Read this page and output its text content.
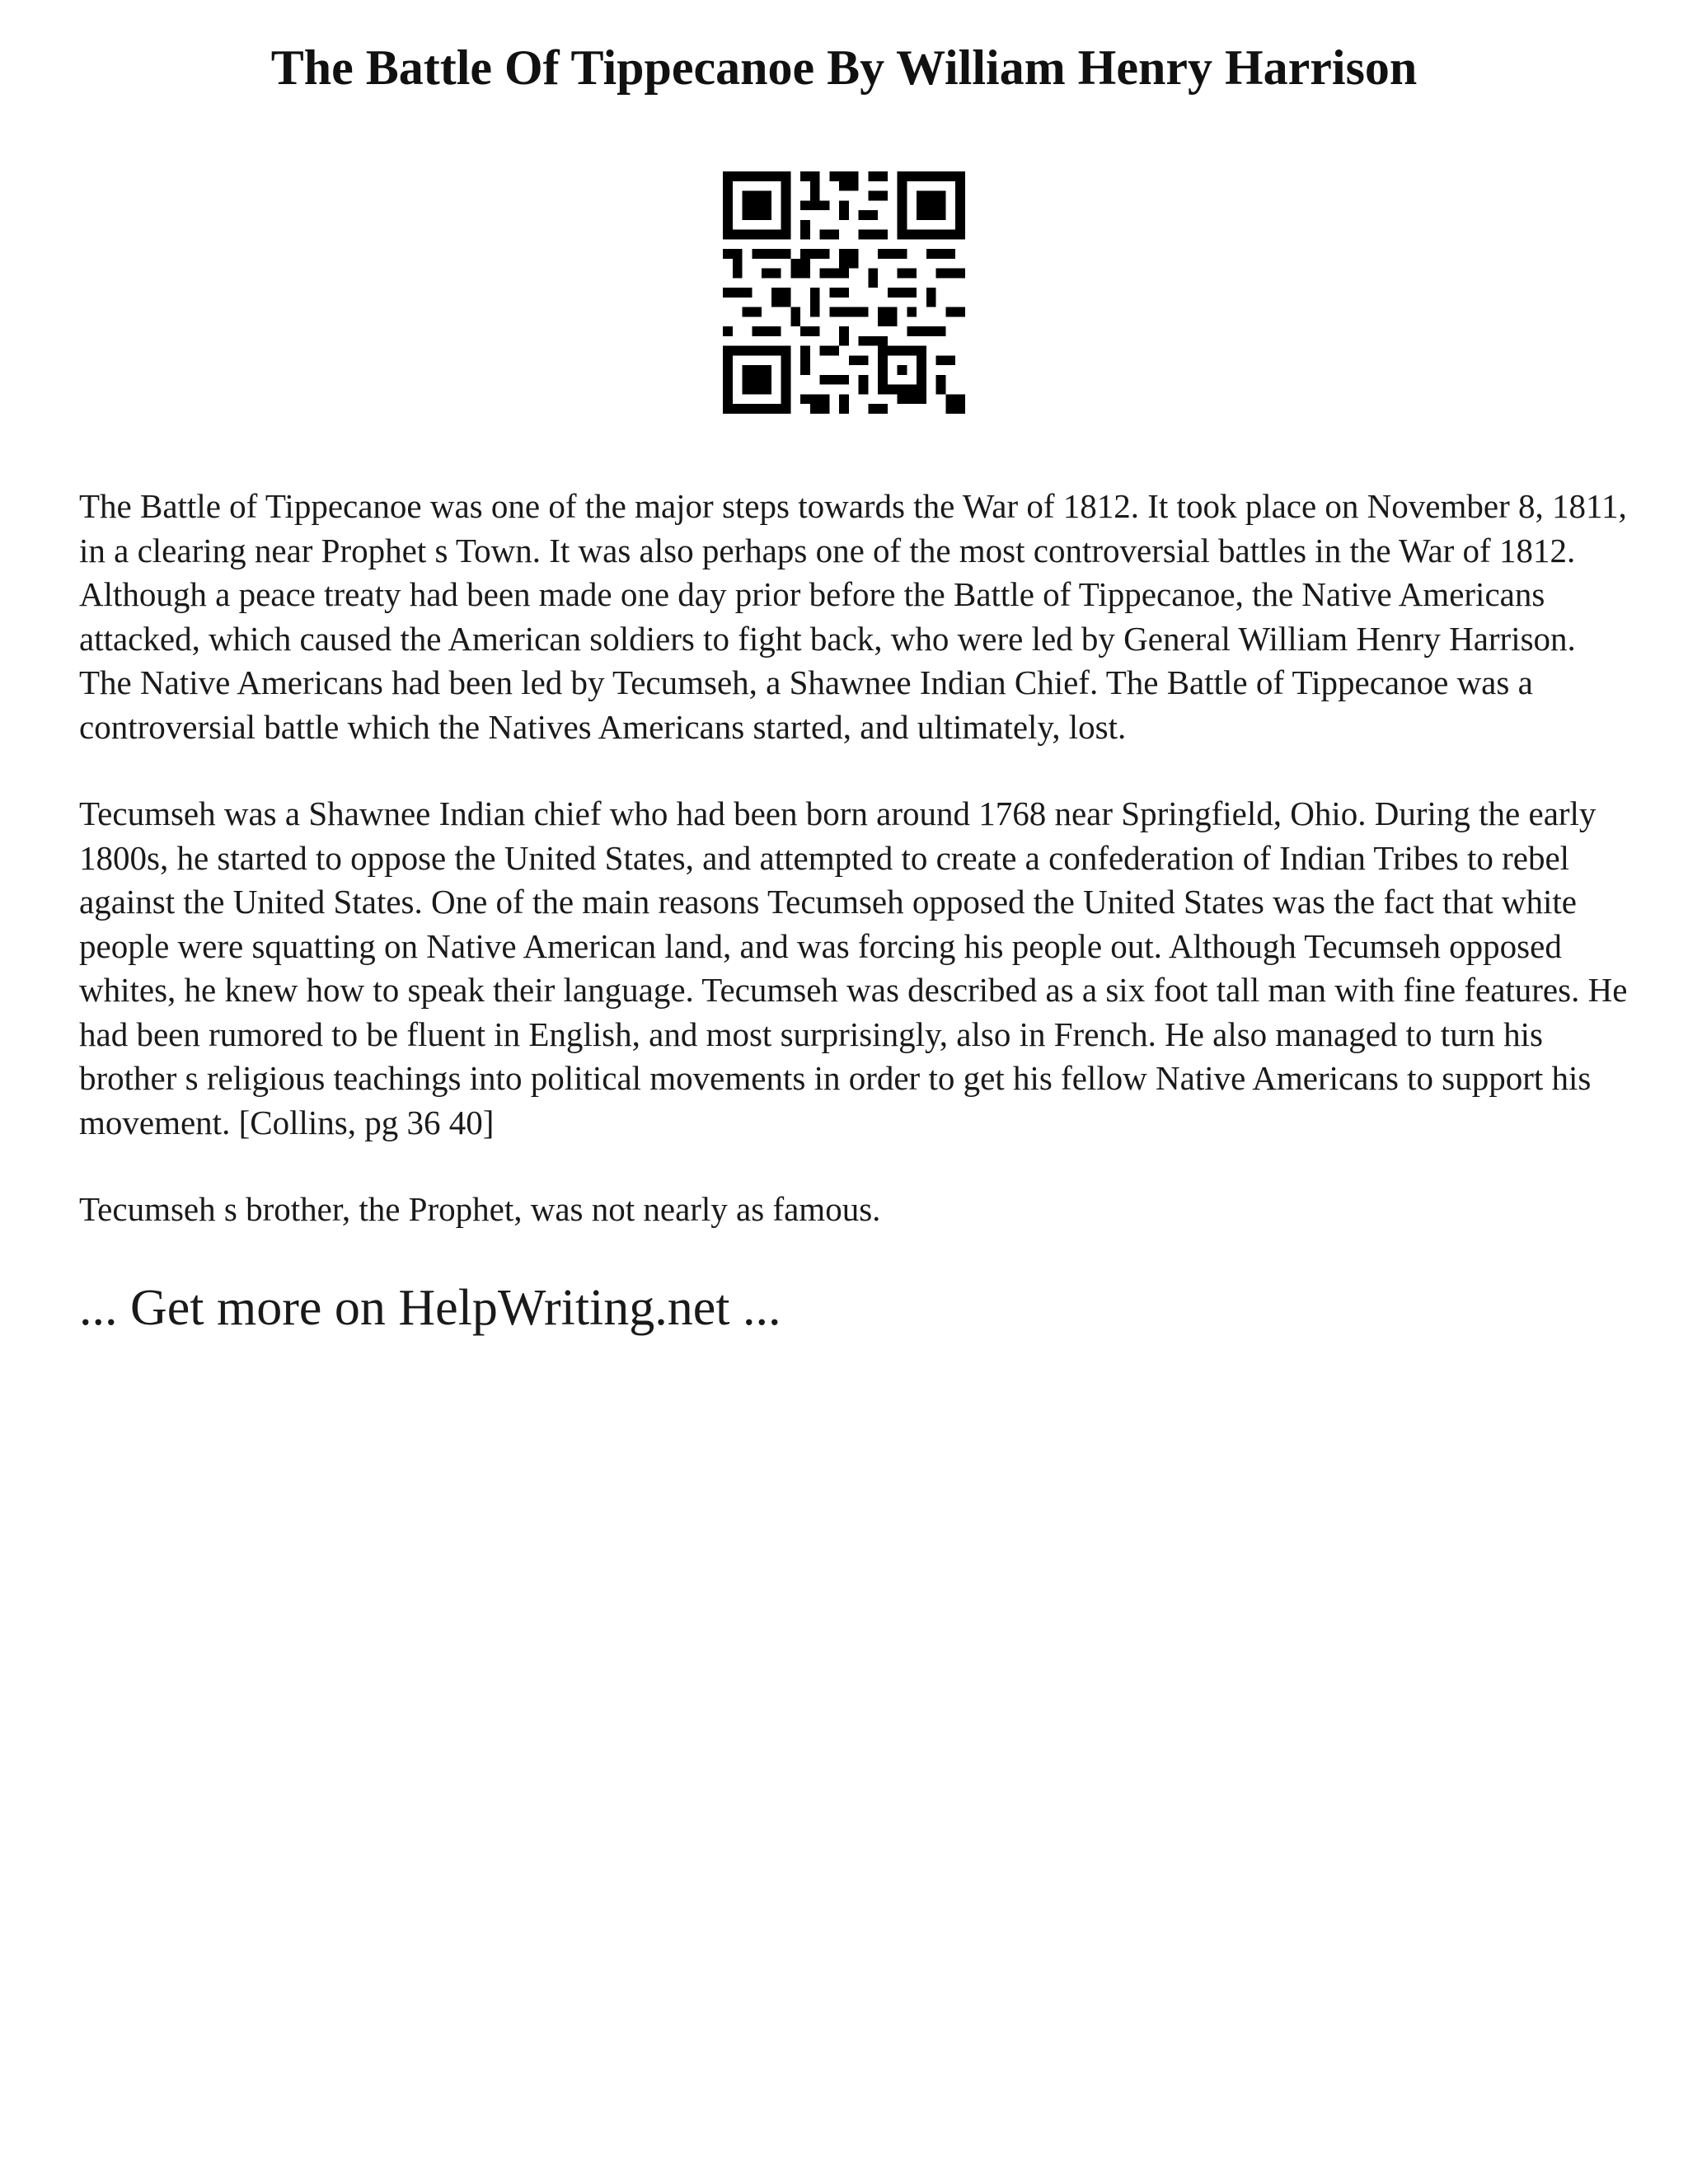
The Battle Of Tippecanoe By William Henry Harrison

The Battle of Tippecanoe was one of the major steps towards the War of 1812. It took place on November 8, 1811, in a clearing near Prophet s Town. It was also perhaps one of the most controversial battles in the War of 1812. Although a peace treaty had been made one day prior before the Battle of Tippecanoe, the Native Americans attacked, which caused the American soldiers to fight back, who were led by General William Henry Harrison. The Native Americans had been led by Tecumseh, a Shawnee Indian Chief. The Battle of Tippecanoe was a controversial battle which the Natives Americans started, and ultimately, lost.

Tecumseh was a Shawnee Indian chief who had been born around 1768 near Springfield, Ohio. During the early 1800s, he started to oppose the United States, and attempted to create a confederation of Indian Tribes to rebel against the United States. One of the main reasons Tecumseh opposed the United States was the fact that white people were squatting on Native American land, and was forcing his people out. Although Tecumseh opposed whites, he knew how to speak their language. Tecumseh was described as a six foot tall man with fine features. He had been rumored to be fluent in English, and most surprisingly, also in French. He also managed to turn his brother s religious teachings into political movements in order to get his fellow Native Americans to support his movement. [Collins, pg 36 40]

Tecumseh s brother, the Prophet, was not nearly as famous.

... Get more on HelpWriting.net ...
